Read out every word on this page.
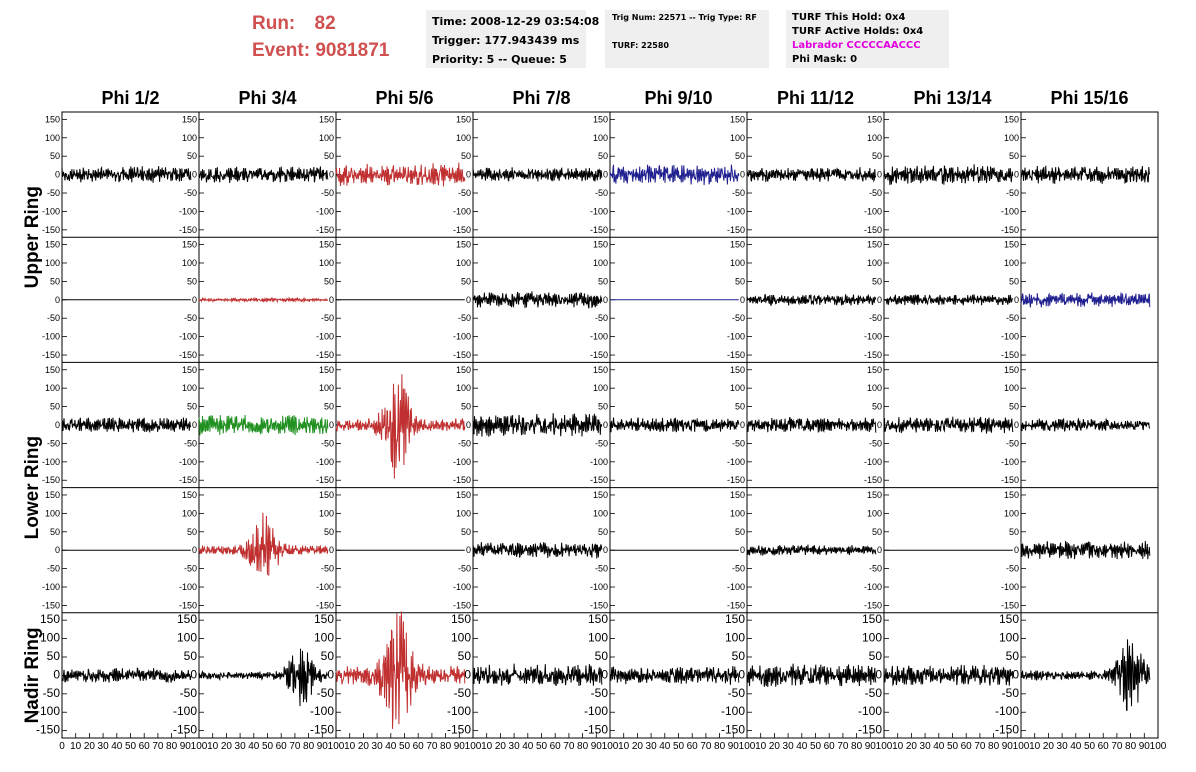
Run: 82
Event: 9081871
Time: 2008-12-29 03:54:08
Trigger: 177.943439 ms
Priority: 5 -- Queue: 5
Trig Num: 22571 -- Trig Type: RF
TURF: 22580
TURF This Hold: 0x4
TURF Active Holds: 0x4
Labrador CCCCCAACCC
Phi Mask: 0
Phi 1/2	Phi 3/4	Phi 5/6	Phi 7/8	Phi 9/10	Phi 11/12	Phi 13/14	Phi 15/16
Upper Ring
Lower Ring
Nadir Ring
150
100
50
0
-50
-100
-150
150
100
50
0
-50
-100
-150
150
100
50
0
-50
-100
-150
150
100
50
0
-50
-100
-150
150
100
50
0
-50
-100
-150
150
100
50
0
-50
-100
-150
150
100
50
0
-50
-100
-150
150
100
50
0
-50
-100
-150
150
100
50
0
-50
-100
-150
150
100
50
0
-50
-100
-150
150
100
50
0
-50
-100
-150
150
100
50
0
-50
-100
-150
150
100
50
0
-50
-100
-150
150
100
50
0
-50
-100
-150
150
100
50
0
-50
-100
-150
150
100
50
0
-50
-100
-150
150
100
50
0
-50
-100
-150
150
100
50
0
-50
-100
-150
150
100
50
0
-50
-100
-150
150
100
50
0
-50
-100
-150
150
100
50
0
-50
-100
-150
150
100
50
0
-50
-100
-150
150
100
50
0
-50
-100
-150
150
100
50
0
-50
-100
-150
150
100
50
0
-50
-100
-150
150
100
50
0
-50
-100
-150
150
100
50
0
-50
-100
-150
150
100
50
0
-50
-100
-150
150
100
50
0
-50
-100
-150
150
100
50
0
-50
-100
-150
150
100
50
0
-50
-100
-150
150
100
50
0
-50
-100
-150
150
100
50
0
-50
-100
-150
150
100
50
0
-50
-100
-150
150
100
50
0
-50
-100
-150
150
100
50
0
-50
-100
-150
150
100
50
0
-50
-100
-150
150
100
50
0
-50
-100
-150
150
100
50
0
-50
-100
-150
150
100
50
0
-50
-100
-150
0 10 20 30 40 50 60 70 80 90 100 10 20 30 40 50 60 70 80 90 100 10 20 30 40 50 60 70 80 90 100 10 20 30 40 50 60 70 80 90 100 10 20 30 40 50 60 70 80 90 100 10 20 30 40 50 60 70 80 90 100 10 20 30 40 50 60 70 80 90 100 10 20 30 40 50 60 70 80 90 100
